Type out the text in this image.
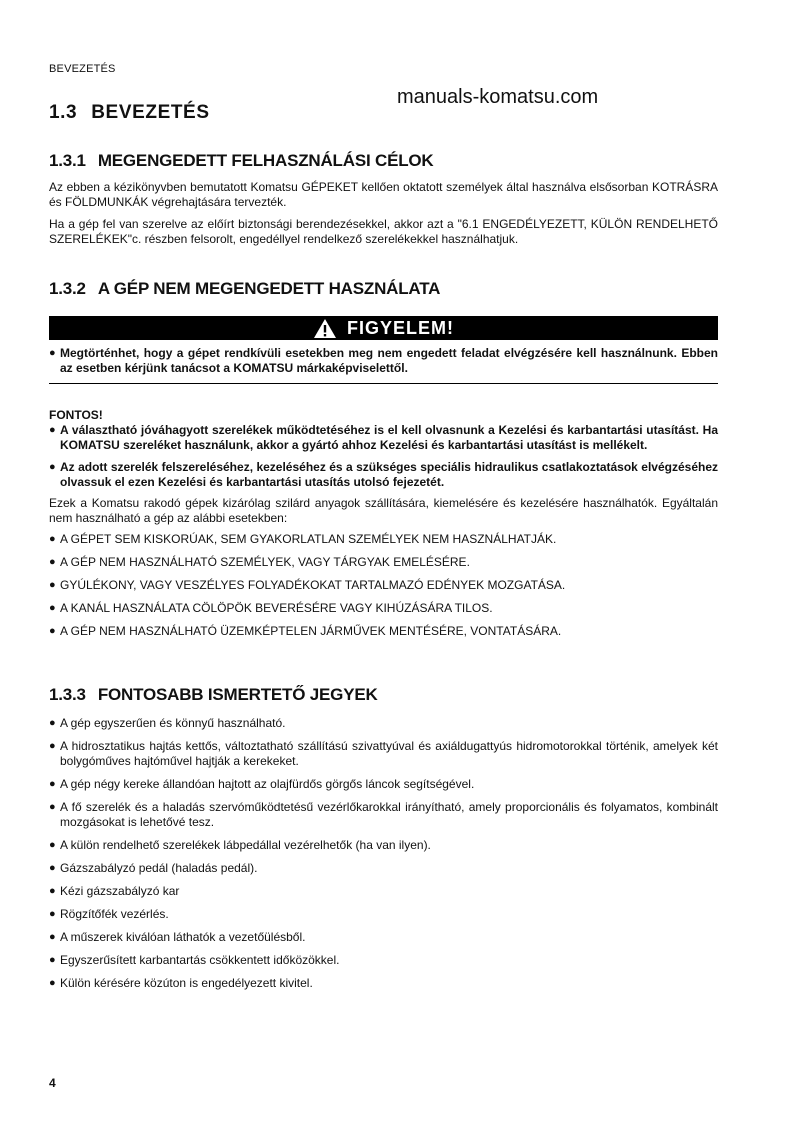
BEVEZETÉS
manuals-komatsu.com
1.3 BEVEZETÉS
1.3.1 MEGENGEDETT FELHASZNÁLÁSI CÉLOK

Az ebben a kézikönyvben bemutatott Komatsu GÉPEKET kellően oktatott személyek által használva elsősorban KOTRÁSRA és FÖLDMUNKÁK végrehajtására tervezték.

Ha a gép fel van szerelve az előírt biztonsági berendezésekkel, akkor azt a "6.1 ENGEDÉLYEZETT, KÜLÖN RENDELHETŐ SZERELÉKEK"c. részben felsorolt, engedéllyel rendelkező szerelékekkel használhatjuk.

1.3.2 A GÉP NEM MEGENGEDETT HASZNÁLATA
FIGYELEM!
● Megtörténhet, hogy a gépet rendkívüli esetekben meg nem engedett feladat elvégzésére kell használnunk. Ebben az esetben kérjünk tanácsot a KOMATSU márkaképviselettől.
FONTOS!
● A választható jóváhagyott szerelékek működtetéséhez is el kell olvasnunk a Kezelési és karbantartási utasítást. Ha KOMATSU szereléket használunk, akkor a gyártó ahhoz Kezelési és karbantartási utasítást is mellékelt.
● Az adott szerelék felszereléséhez, kezeléséhez és a szükséges speciális hidraulikus csatlakoztatások elvégzéséhez olvassuk el ezen Kezelési és karbantartási utasítás utolsó fejezetét.

Ezek a Komatsu rakodó gépek kizárólag szilárd anyagok szállítására, kiemelésére és kezelésére használhatók. Egyáltalán nem használható a gép az alábbi esetekben:

● A GÉPET SEM KISKORÚAK, SEM GYAKORLATLAN SZEMÉLYEK NEM HASZNÁLHATJÁK.
● A GÉP NEM HASZNÁLHATÓ SZEMÉLYEK, VAGY TÁRGYAK EMELÉSÉRE.
● GYÚLÉKONY, VAGY VESZÉLYES FOLYADÉKOKAT TARTALMAZÓ EDÉNYEK MOZGATÁSA.
● A KANÁL HASZNÁLATA CÖLÖPÖK BEVERÉSÉRE VAGY KIHÚZÁSÁRA TILOS.
● A GÉP NEM HASZNÁLHATÓ ÜZEMKÉPTELEN JÁRMŰVEK MENTÉSÉRE, VONTATÁSÁRA.
1.3.3 FONTOSABB ISMERTETŐ JEGYEK
● A gép egyszerűen és könnyű használható.
● A hidrosztatikus hajtás kettős, változtatható szállítású szivattyúval és axiáldugattyús hidromotorokkal történik, amelyek két bolygóműves hajtóművel hajtják a kerekeket.
● A gép négy kereke állandóan hajtott az olajfürdős görgős láncok segítségével.
● A fő szerelék és a haladás szervóműködtetésű vezérlőkarokkal irányítható, amely proporcionális és folyamatos, kombinált mozgásokat is lehetővé tesz.
● A külön rendelhető szerelékek lábpedállal vezérelhetők (ha van ilyen).
● Gázszabályzó pedál (haladás pedál).
● Kézi gázszabályzó kar
● Rögzítőfék vezérlés.
● A műszerek kiválóan láthatók a vezetőülésből.
● Egyszerűsített karbantartás csökkentett időközökkel.
● Külön kérésére közúton is engedélyezett kivitel.
4
